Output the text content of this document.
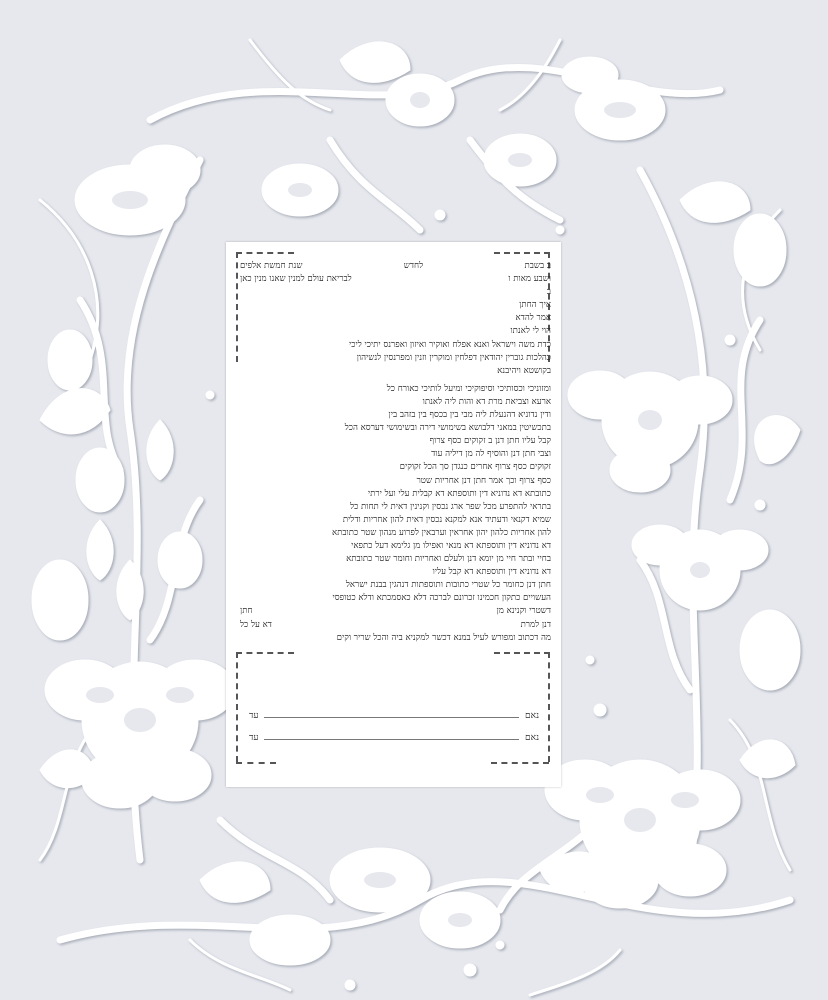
ב בשבת
לחדש
שנת חמשת אלפים
ושבע מאות ו
לבריאת עולם למנין שאנו מנין כאן
ב
איך החתן
אמר להדא
הוי לי לאנתו
כדת משה וישראל ואנא אפלח ואוקיר ואיזון ואפרנס יתיכי ליכי
כהלכות גוברין יהודאין דפלחין ומוקרין וזנין ומפרנסין לנשיהון
בקושטא ויהיבנא
ומזוניכי וכסותיכי וסיפוקיכי ומיעל לותיכי כאורח כל
ארעא וצביאת מרת דא והות ליה לאנתו
ודין נדוניא דהנעלת ליה מבי בין בכסף בין בזהב בין
בתכשיטין במאני דלבושא בשימושי דירה ובשימושי דערסא הכל
קבל עליו חתן דנן ב זקוקים כסף צרוף
וצבי חתן דנן והוסיף לה מן דיליה עוד
זקוקים כסף צרוף אחרים כנגדן סך הכל זקוקים
כסף צרוף וכך אמר חתן דנן אחריות שטר
כתובתא דא נדוניא דין ותוספתא דא קבלית עלי ועל ירתי
בתראי להתפרע מכל שפר ארג נכסין וקנינין דאית לי תחות כל
שמיא דקנאי ודעתיד אנא למקנא נכסין דאית להון אחריות ודלית
להון אחריות כלהון יהון אחראין וערבאין לפרוע מנהון שטר כתובתא
דא נדוניא דין ותוספתא דא מנאי ואפילו מן גלימא דעל כתפאי
בחיי ובתר חיי מן יומא דנן ולעלם ואחריות וחומר שטר כתובתא
דא נדוניא דין ותוספתא דא קבל עליו
חתן דנן כחומר כל שטרי כתובות ותוספתות דנהגין בבנת ישראל
העשויים כתקון חכמינו זכרונם לברכה דלא כאסמכתא ודלא כטופסי
דשטרי וקנינא מן
חתן
דנן למרת
דא על כל
מה דכתוב ומפורש לעיל במנא דכשר למקניא ביה והכל שריר וקים
נאם
עד
נאם
עד
